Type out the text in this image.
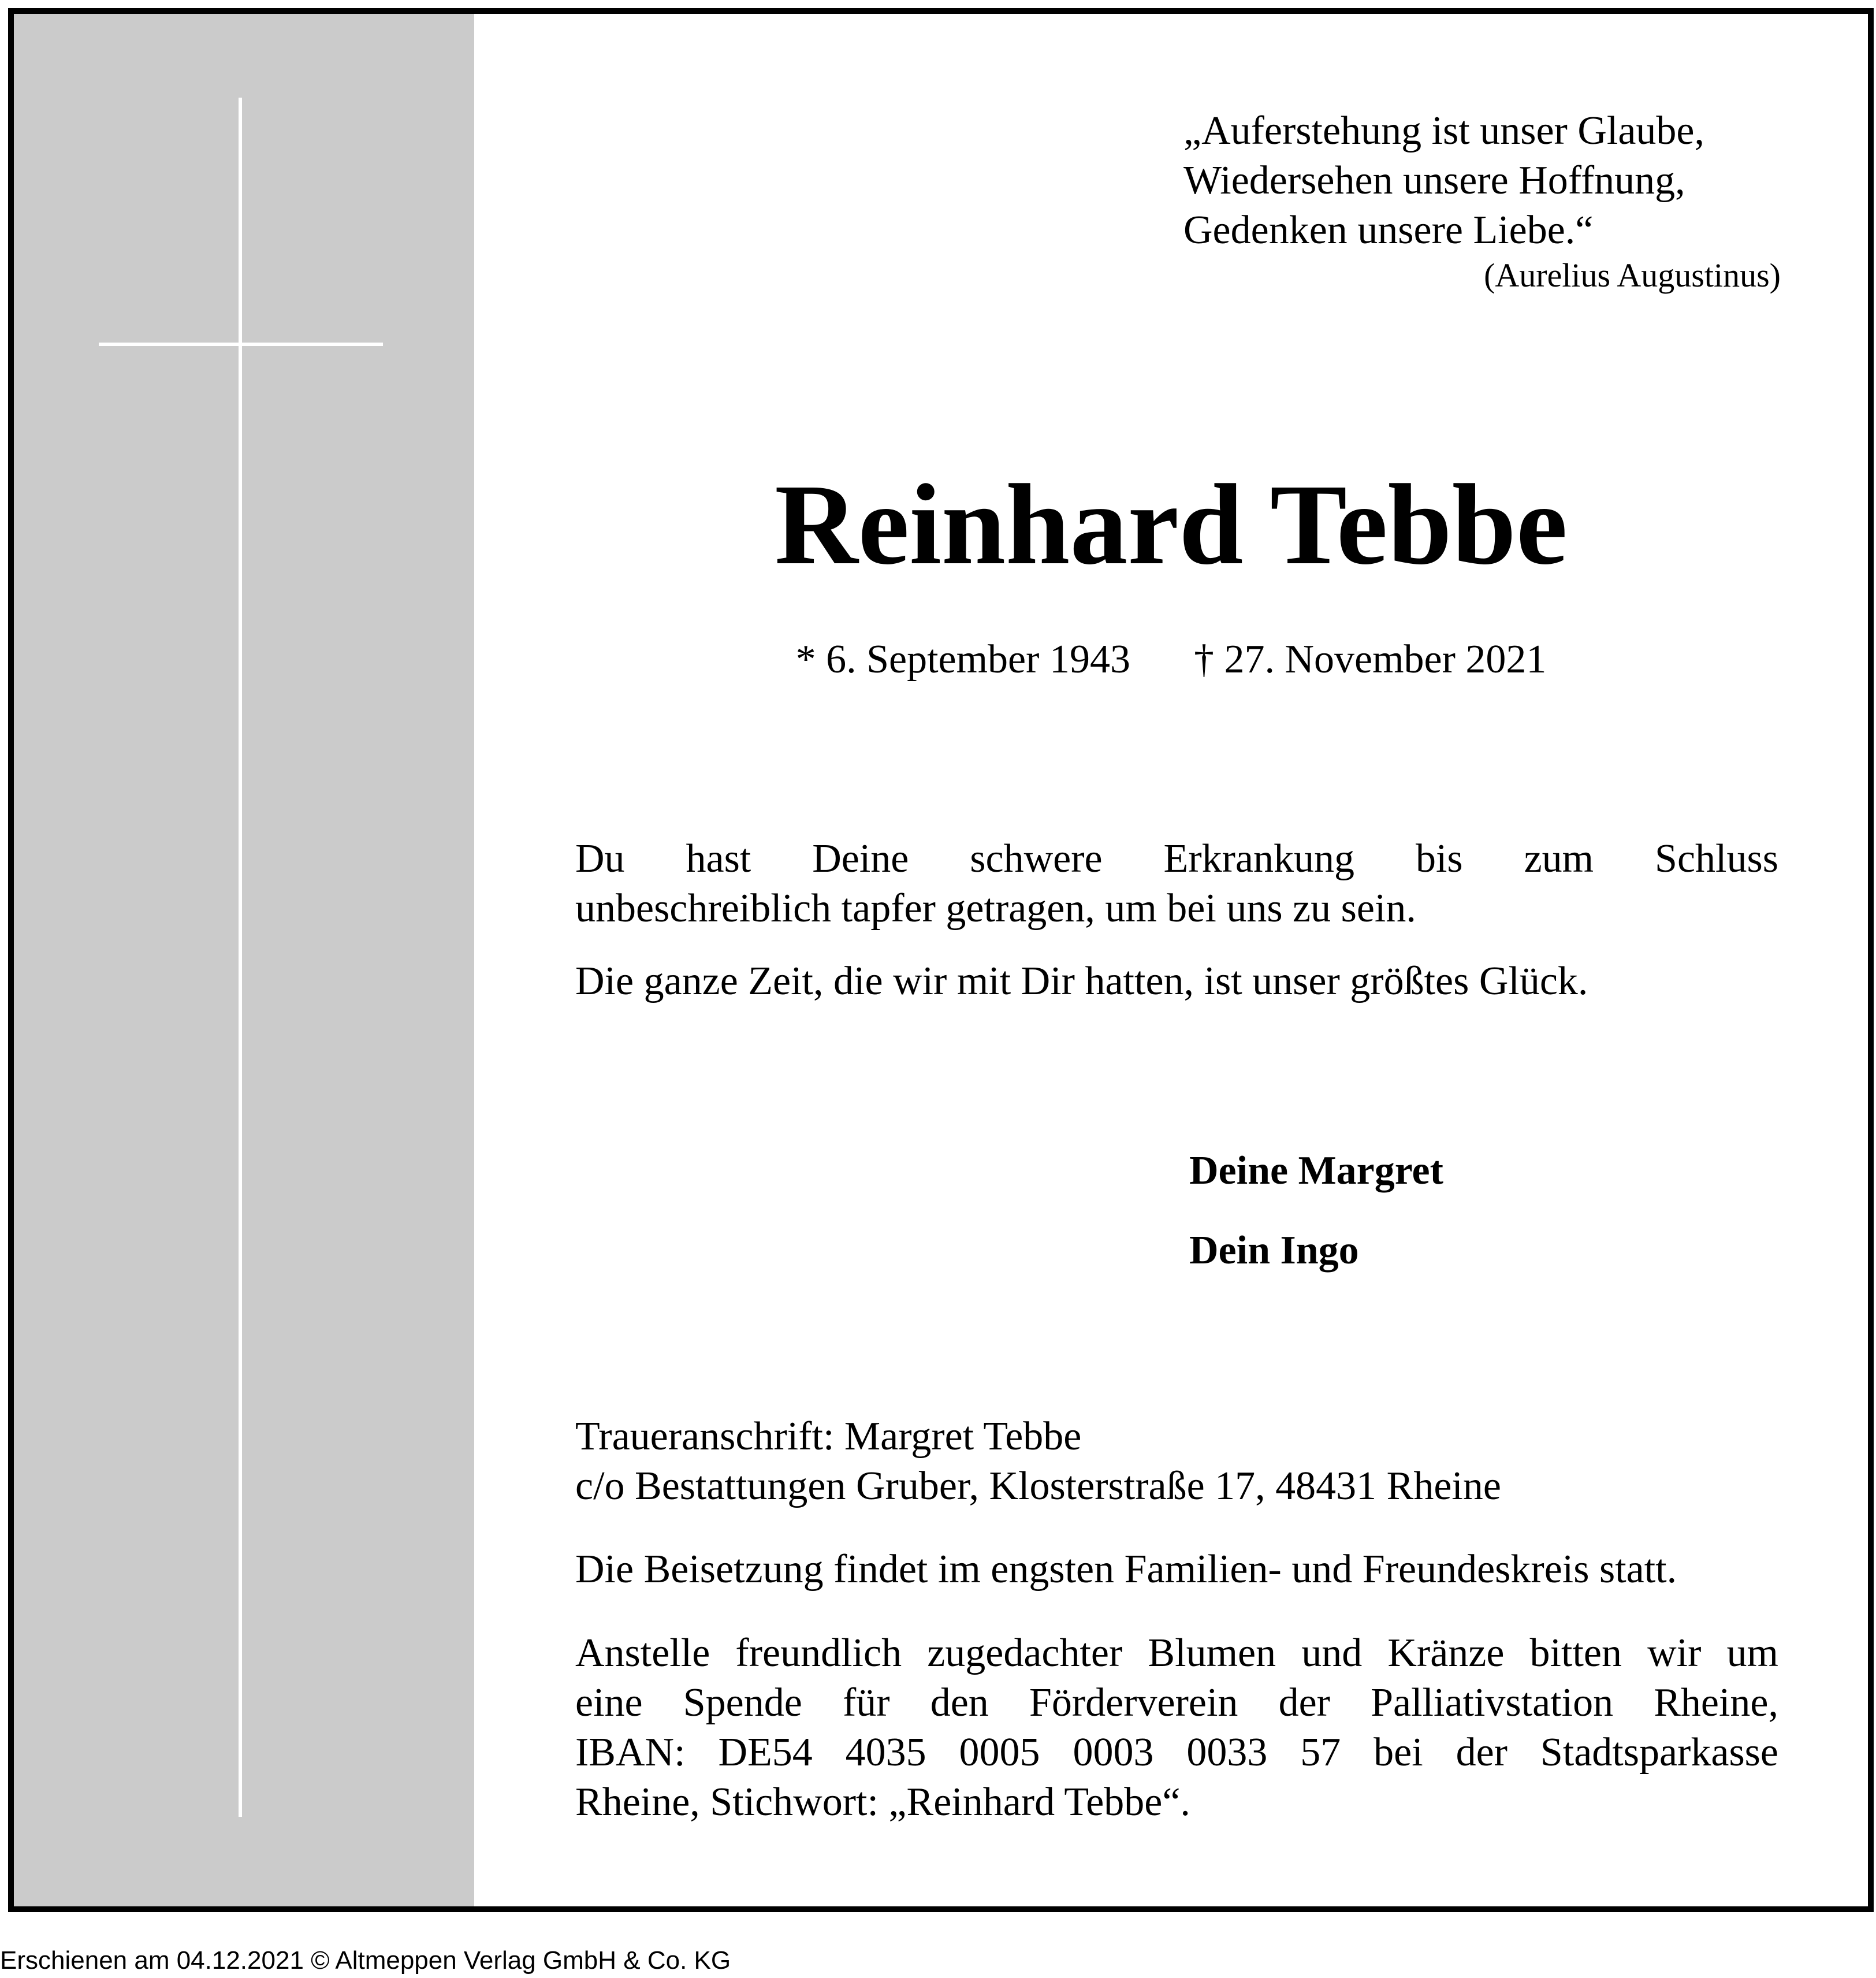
„Auferstehung ist unser Glaube,
Wiedersehen unsere Hoffnung,
Gedenken unsere Liebe.“
(Aurelius Augustinus)
Reinhard Tebbe
* 6. September 1943 † 27. November 2021

Du hast Deine schwere Erkrankung bis zum Schluss
unbeschreiblich tapfer getragen, um bei uns zu sein.

Die ganze Zeit, die wir mit Dir hatten, ist unser größtes Glück.

Deine Margret
Dein Ingo
Traueranschrift: Margret Tebbe
c/o Bestattungen Gruber, Klosterstraße 17, 48431 Rheine
Die Beisetzung findet im engsten Familien- und Freundeskreis statt.
Anstelle freundlich zugedachter Blumen und Kränze bitten wir um
eine Spende für den Förderverein der Palliativstation Rheine,
IBAN: DE54 4035 0005 0003 0033 57 bei der Stadtsparkasse
Rheine, Stichwort: „Reinhard Tebbe“.
Erschienen am 04.12.2021 © Altmeppen Verlag GmbH & Co. KG
